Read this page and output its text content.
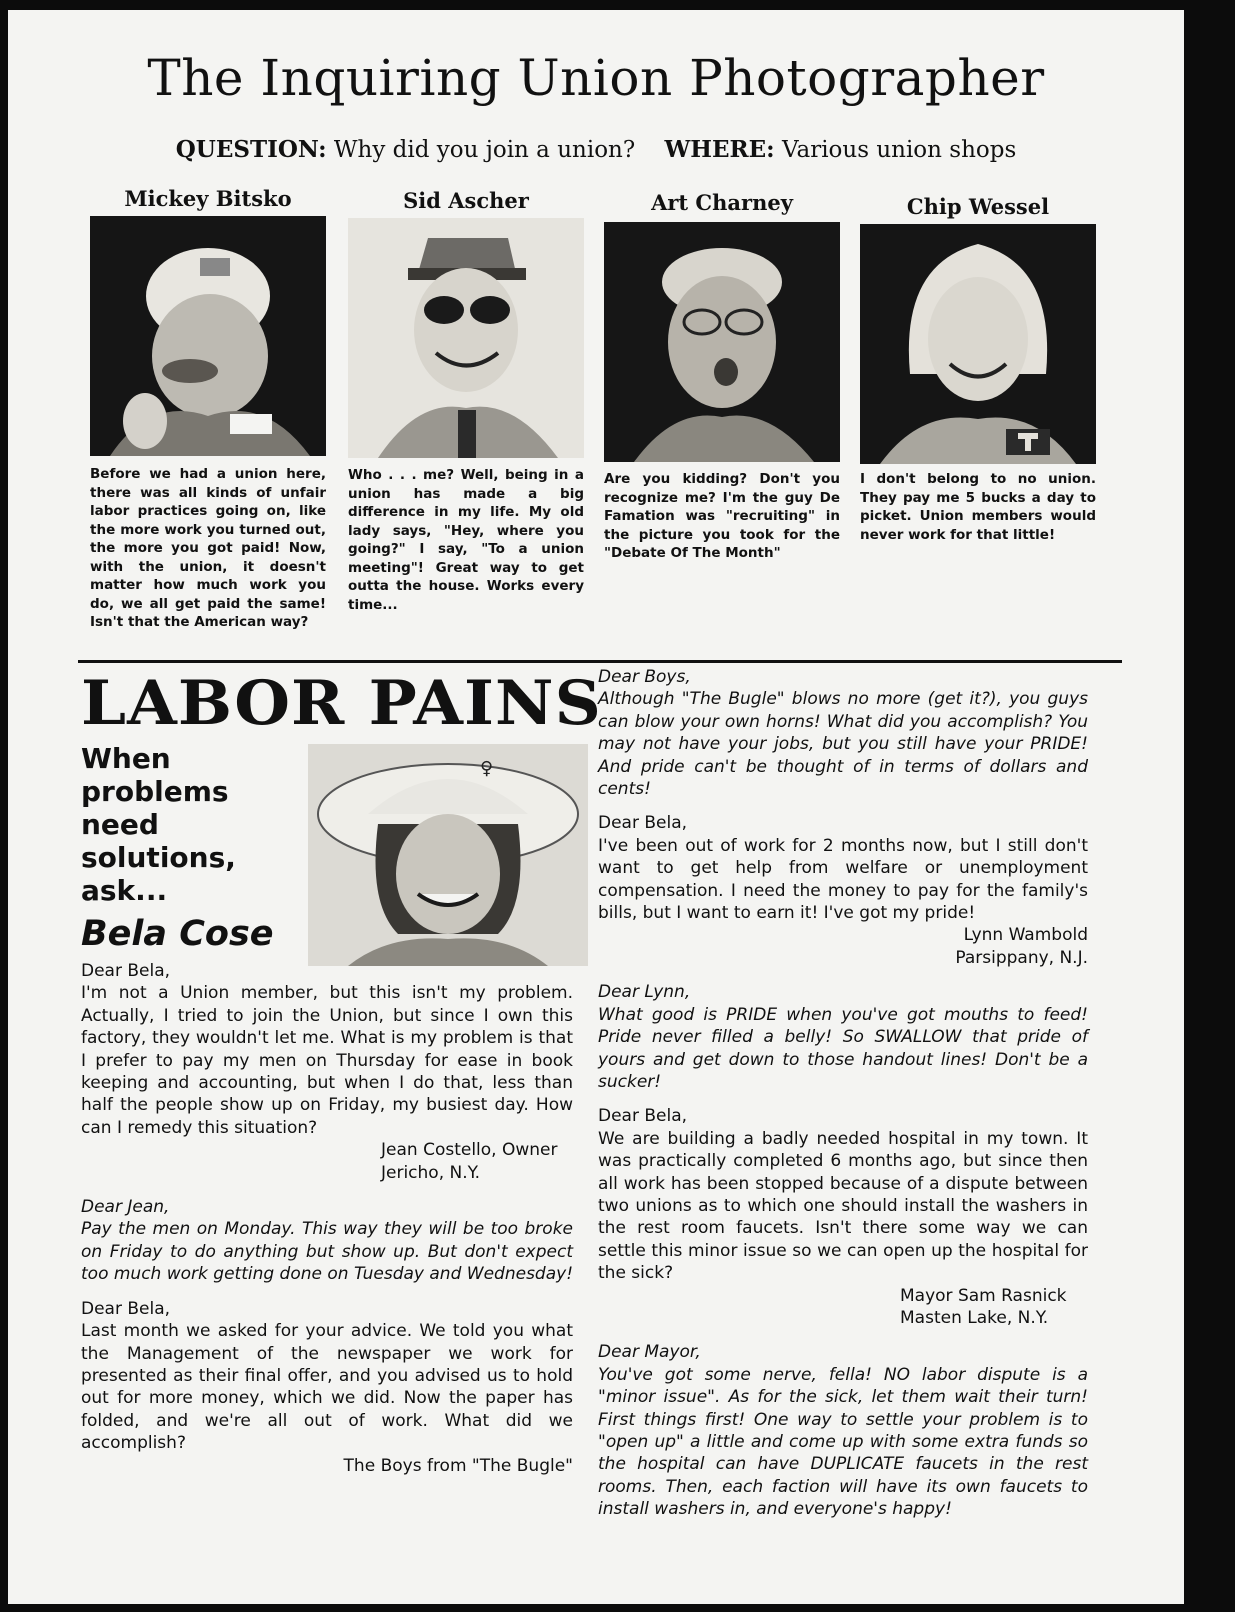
The Inquiring Union Photographer
QUESTION: Why did you join a union? WHERE: Various union shops
Mickey Bitsko
Before we had a union here, there was all kinds of unfair labor practices going on, like the more work you turned out, the more you got paid! Now, with the union, it doesn't matter how much work you do, we all get paid the same! Isn't that the American way?
Sid Ascher
Who . . . me? Well, being in a union has made a big difference in my life. My old lady says, "Hey, where you going?" I say, "To a union meeting"! Great way to get outta the house. Works every time...
Art Charney
Are you kidding? Don't you recognize me? I'm the guy De Famation was "recruiting" in the picture you took for the "Debate Of The Month"
Chip Wessel
I don't belong to no union. They pay me 5 bucks a day to picket. Union members would never work for that little!
LABOR PAINS
When problems need solutions, ask...
Bela Cose
♀

Dear Bela,

I'm not a Union member, but this isn't my problem. Actually, I tried to join the Union, but since I own this factory, they wouldn't let me. What is my problem is that I prefer to pay my men on Thursday for ease in book keeping and accounting, but when I do that, less than half the people show up on Friday, my busiest day. How can I remedy this situation?

Jean Costello, Owner

Jericho, N.Y.

Dear Jean,

Pay the men on Monday. This way they will be too broke on Friday to do anything but show up. But don't expect too much work getting done on Tuesday and Wednesday!

Dear Bela,

Last month we asked for your advice. We told you what the Management of the newspaper we work for presented as their final offer, and you advised us to hold out for more money, which we did. Now the paper has folded, and we're all out of work. What did we accomplish?

The Boys from "The Bugle"

Dear Boys,

Although "The Bugle" blows no more (get it?), you guys can blow your own horns! What did you accomplish? You may not have your jobs, but you still have your PRIDE! And pride can't be thought of in terms of dollars and cents!

Dear Bela,

I've been out of work for 2 months now, but I still don't want to get help from welfare or unemployment compensation. I need the money to pay for the family's bills, but I want to earn it! I've got my pride!

Lynn Wambold

Parsippany, N.J.

Dear Lynn,

What good is PRIDE when you've got mouths to feed! Pride never filled a belly! So SWALLOW that pride of yours and get down to those handout lines! Don't be a sucker!

Dear Bela,

We are building a badly needed hospital in my town. It was practically completed 6 months ago, but since then all work has been stopped because of a dispute between two unions as to which one should install the washers in the rest room faucets. Isn't there some way we can settle this minor issue so we can open up the hospital for the sick?

Mayor Sam Rasnick

Masten Lake, N.Y.

Dear Mayor,

You've got some nerve, fella! NO labor dispute is a "minor issue". As for the sick, let them wait their turn! First things first! One way to settle your problem is to "open up" a little and come up with some extra funds so the hospital can have DUPLICATE faucets in the rest rooms. Then, each faction will have its own faucets to install washers in, and everyone's happy!
